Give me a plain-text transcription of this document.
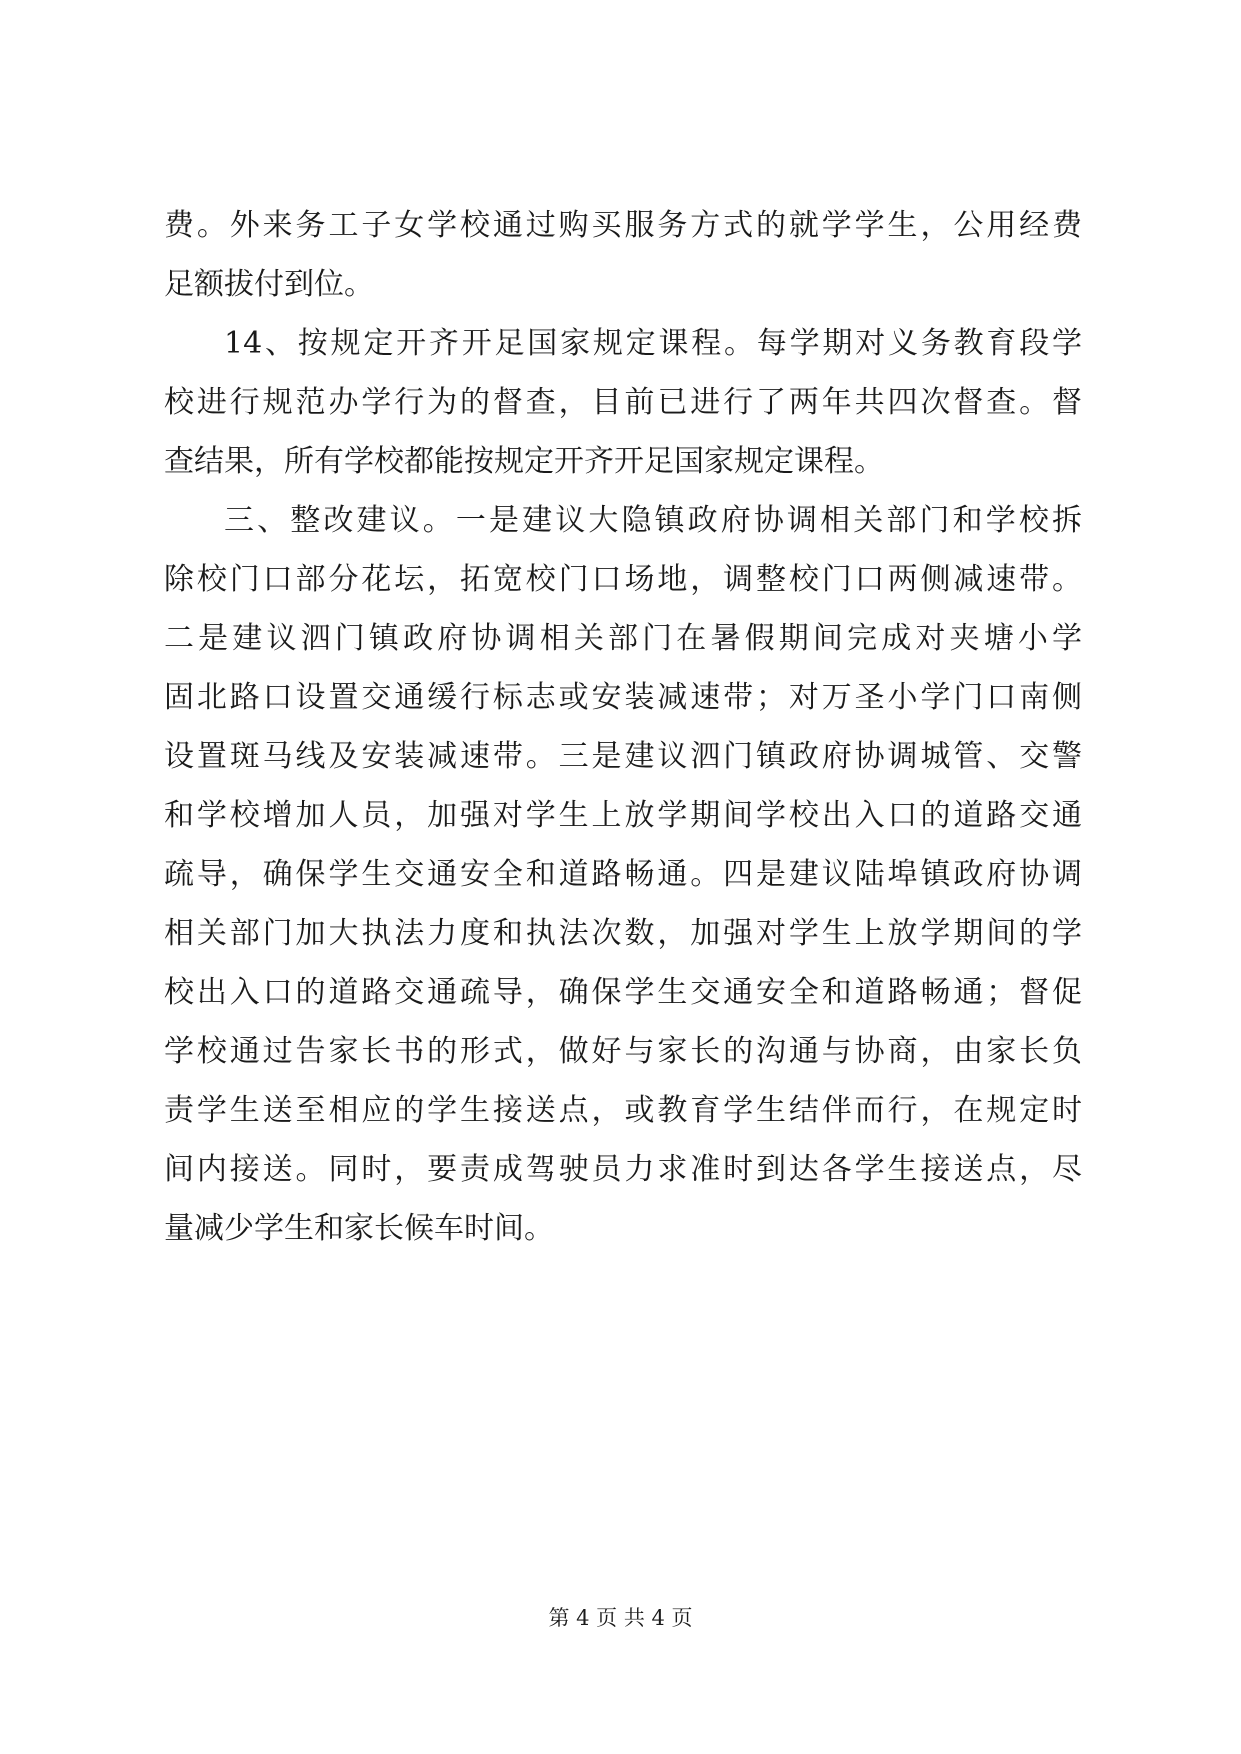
费。外来务工子女学校通过购买服务方式的就学学生，公用经费
足额拔付到位。
14、按规定开齐开足国家规定课程。每学期对义务教育段学
校进行规范办学行为的督查，目前已进行了两年共四次督查。督
查结果，所有学校都能按规定开齐开足国家规定课程。
三、整改建议。一是建议大隐镇政府协调相关部门和学校拆
除校门口部分花坛，拓宽校门口场地，调整校门口两侧减速带。
二是建议泗门镇政府协调相关部门在暑假期间完成对夹塘小学
固北路口设置交通缓行标志或安装减速带；对万圣小学门口南侧
设置斑马线及安装减速带。三是建议泗门镇政府协调城管、交警
和学校增加人员，加强对学生上放学期间学校出入口的道路交通
疏导，确保学生交通安全和道路畅通。四是建议陆埠镇政府协调
相关部门加大执法力度和执法次数，加强对学生上放学期间的学
校出入口的道路交通疏导，确保学生交通安全和道路畅通；督促
学校通过告家长书的形式，做好与家长的沟通与协商，由家长负
责学生送至相应的学生接送点，或教育学生结伴而行，在规定时
间内接送。同时，要责成驾驶员力求准时到达各学生接送点，尽
量减少学生和家长候车时间。
第 4 页 共 4 页
